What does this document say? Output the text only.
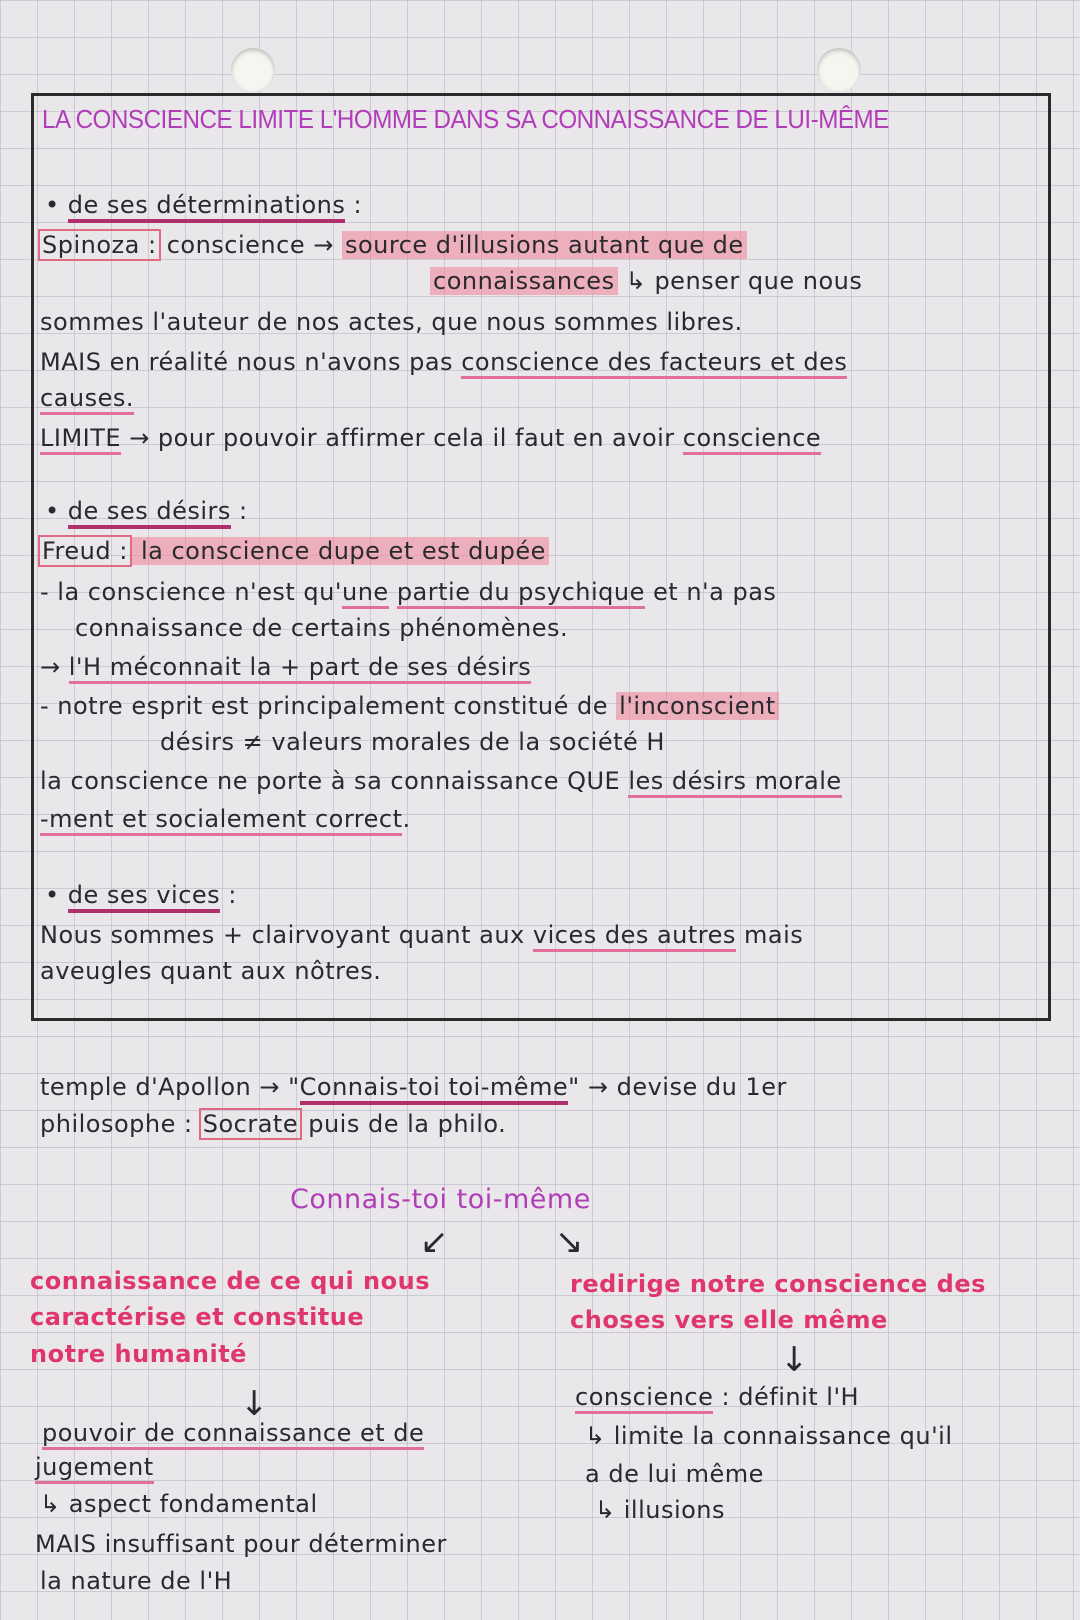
LA CONSCIENCE LIMITE L'HOMME DANS SA CONNAISSANCE DE LUI-MÊME
• de ses déterminations :
Spinoza : conscience → source d'illusions autant que de
connaissances ↳ penser que nous
sommes l'auteur de nos actes, que nous sommes libres.
MAIS en réalité nous n'avons pas conscience des facteurs et des
causes.
LIMITE → pour pouvoir affirmer cela il faut en avoir conscience
• de ses désirs :
Freud : la conscience dupe et est dupée
- la conscience n'est qu'une partie du psychique et n'a pas
connaissance de certains phénomènes.
→ l'H méconnait la + part de ses désirs
- notre esprit est principalement constitué de l'inconscient
désirs ≠ valeurs morales de la société H
la conscience ne porte à sa connaissance QUE les désirs morale
-ment et socialement correct.
• de ses vices :
Nous sommes + clairvoyant quant aux vices des autres mais
aveugles quant aux nôtres.
temple d'Apollon → "Connais-toi toi-même" → devise du 1er
philosophe : Socrate puis de la philo.
Connais-toi toi-même
connaissance de ce qui nous
caractérise et constitue
notre humanité
redirige notre conscience des
choses vers elle même
conscience : définit l'H
↳ limite la connaissance qu'il
a de lui même
↳ illusions
pouvoir de connaissance et de
jugement
↳ aspect fondamental
MAIS insuffisant pour déterminer
la nature de l'H
↙	↘
↓
↓
